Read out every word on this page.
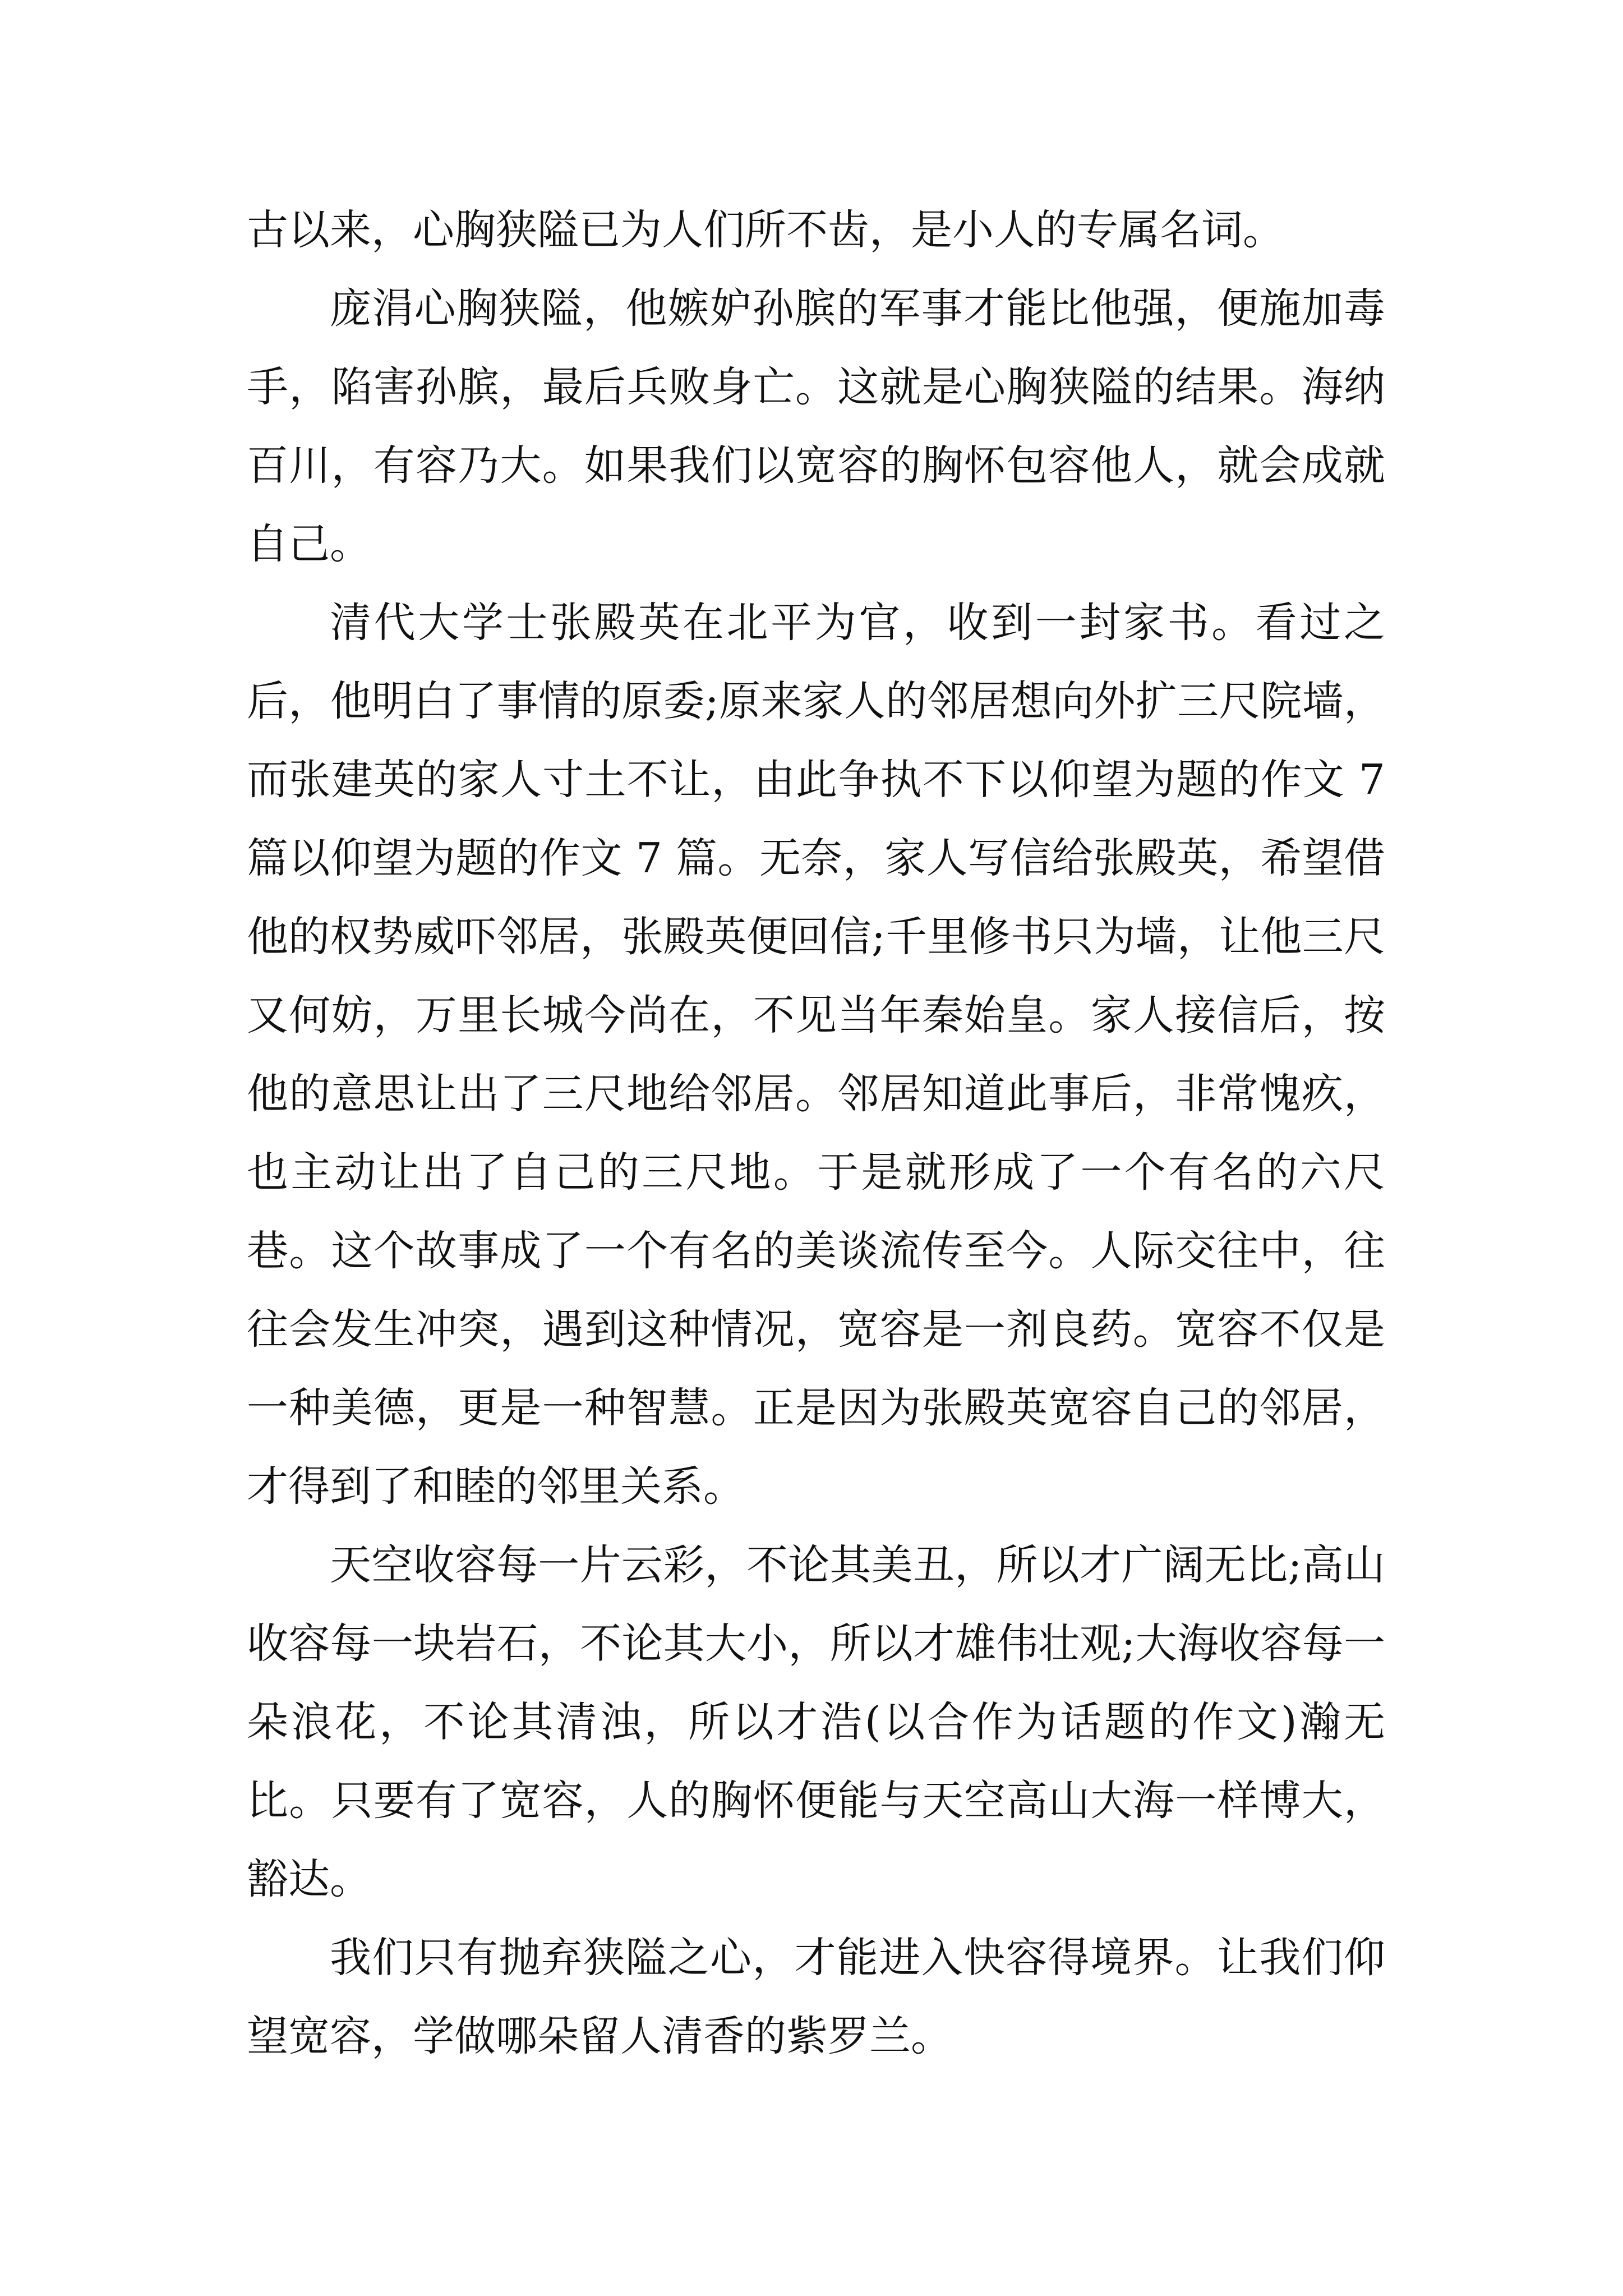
古以来，心胸狭隘已为人们所不齿，是小人的专属名词。

庞涓心胸狭隘，他嫉妒孙膑的军事才能比他强，便施加毒手，陷害孙膑，最后兵败身亡。这就是心胸狭隘的结果。海纳百川，有容乃大。如果我们以宽容的胸怀包容他人，就会成就自己。

清代大学士张殿英在北平为官，收到一封家书。看过之后，他明白了事情的原委;原来家人的邻居想向外扩三尺院墙，而张建英的家人寸土不让，由此争执不下以仰望为题的作文 7 篇以仰望为题的作文 7 篇。无奈，家人写信给张殿英，希望借他的权势威吓邻居，张殿英便回信;千里修书只为墙，让他三尺又何妨，万里长城今尚在，不见当年秦始皇。家人接信后，按他的意思让出了三尺地给邻居。邻居知道此事后，非常愧疚，也主动让出了自己的三尺地。于是就形成了一个有名的六尺巷。这个故事成了一个有名的美谈流传至今。人际交往中，往往会发生冲突，遇到这种情况，宽容是一剂良药。宽容不仅是一种美德，更是一种智慧。正是因为张殿英宽容自己的邻居，才得到了和睦的邻里关系。

天空收容每一片云彩，不论其美丑，所以才广阔无比;高山收容每一块岩石，不论其大小，所以才雄伟壮观;大海收容每一朵浪花，不论其清浊，所以才浩(以合作为话题的作文)瀚无比。只要有了宽容，人的胸怀便能与天空高山大海一样博大，豁达。

我们只有抛弃狭隘之心，才能进入快容得境界。让我们仰望宽容，学做哪朵留人清香的紫罗兰。
